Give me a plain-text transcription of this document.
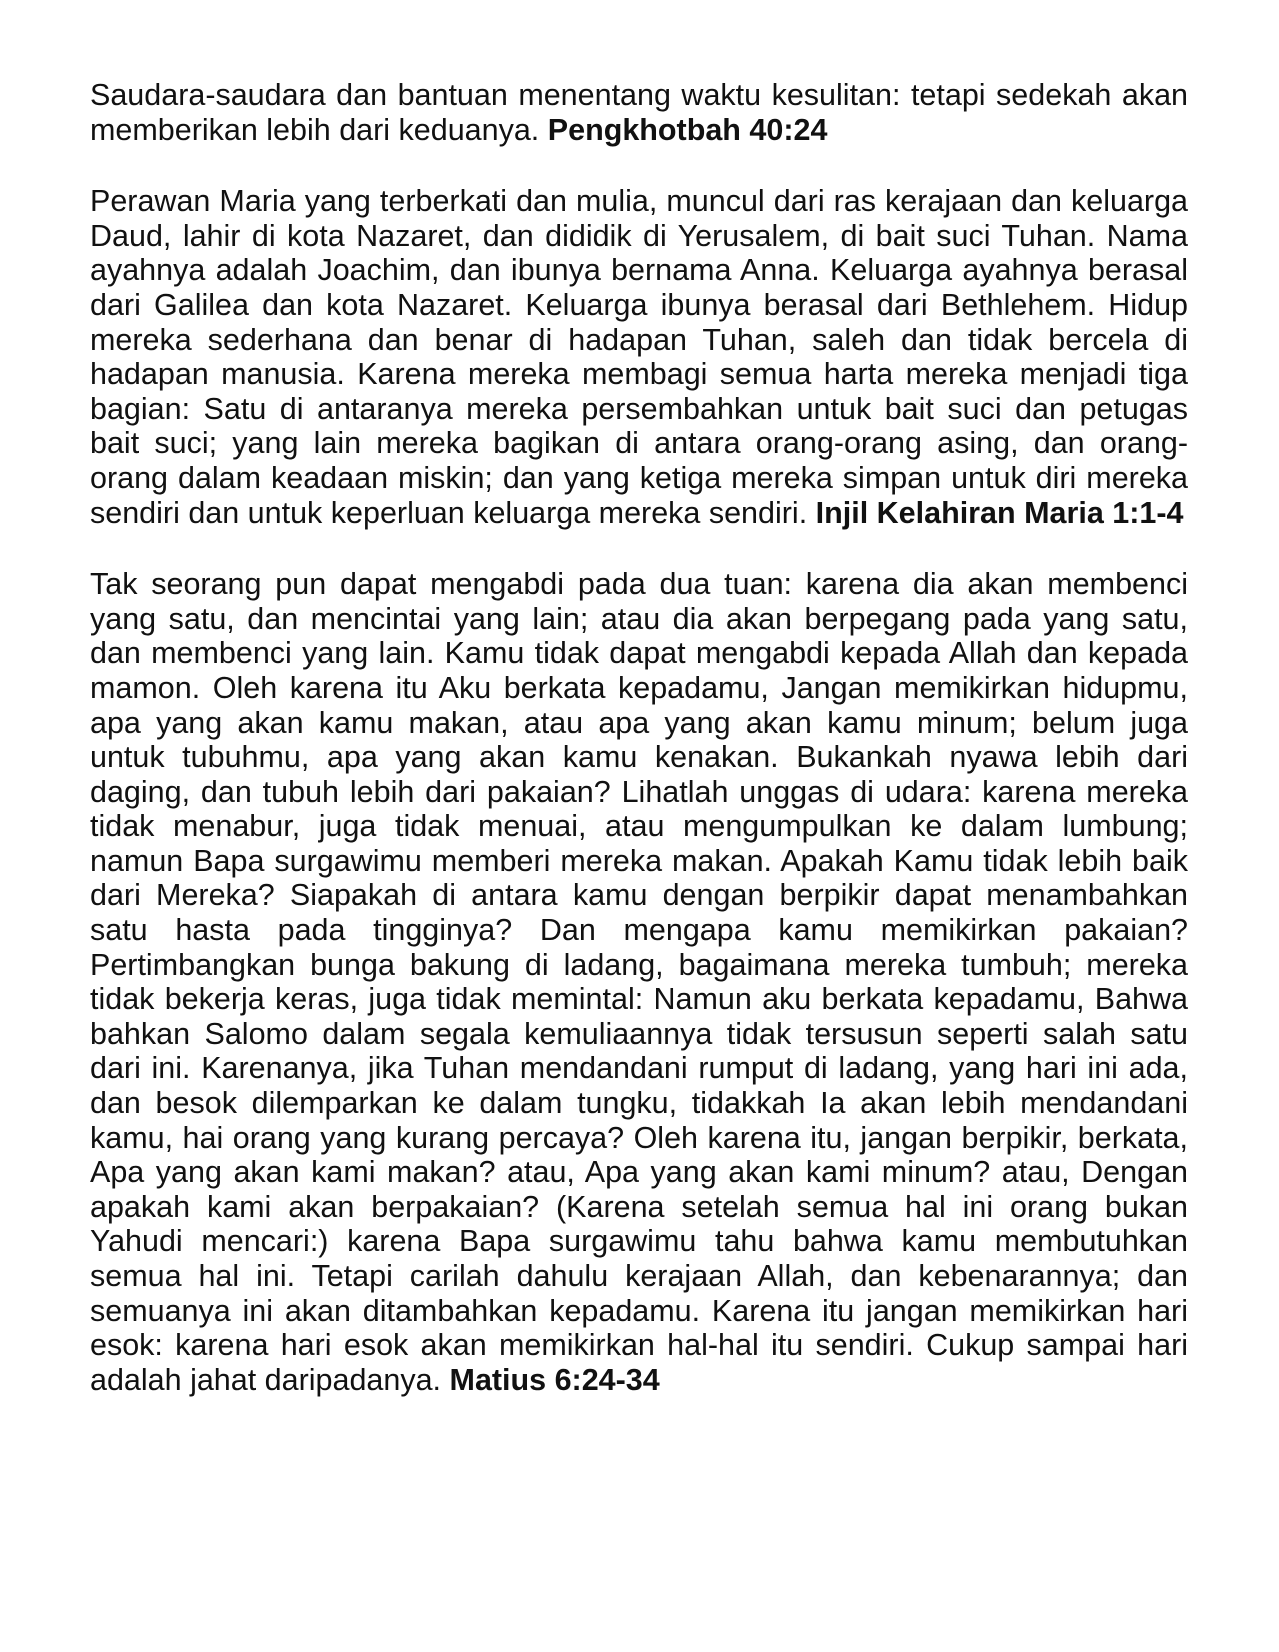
Saudara-saudara dan bantuan menentang waktu kesulitan: tetapi sedekah akan memberikan lebih dari keduanya. Pengkhotbah 40:24

Perawan Maria yang terberkati dan mulia, muncul dari ras kerajaan dan keluarga Daud, lahir di kota Nazaret, dan dididik di Yerusalem, di bait suci Tuhan. Nama ayahnya adalah Joachim, dan ibunya bernama Anna. Keluarga ayahnya berasal dari Galilea dan kota Nazaret. Keluarga ibunya berasal dari Bethlehem. Hidup mereka sederhana dan benar di hadapan Tuhan, saleh dan tidak bercela di hadapan manusia. Karena mereka membagi semua harta mereka menjadi tiga bagian: Satu di antaranya mereka persembahkan untuk bait suci dan petugas bait suci; yang lain mereka bagikan di antara orang-orang asing, dan orang-orang dalam keadaan miskin; dan yang ketiga mereka simpan untuk diri mereka sendiri dan untuk keperluan keluarga mereka sendiri. Injil Kelahiran Maria 1:1-4

Tak seorang pun dapat mengabdi pada dua tuan: karena dia akan membenci yang satu, dan mencintai yang lain; atau dia akan berpegang pada yang satu, dan membenci yang lain. Kamu tidak dapat mengabdi kepada Allah dan kepada mamon. Oleh karena itu Aku berkata kepadamu, Jangan memikirkan hidupmu, apa yang akan kamu makan, atau apa yang akan kamu minum; belum juga untuk tubuhmu, apa yang akan kamu kenakan. Bukankah nyawa lebih dari daging, dan tubuh lebih dari pakaian? Lihatlah unggas di udara: karena mereka tidak menabur, juga tidak menuai, atau mengumpulkan ke dalam lumbung; namun Bapa surgawimu memberi mereka makan. Apakah Kamu tidak lebih baik dari Mereka? Siapakah di antara kamu dengan berpikir dapat menambahkan satu hasta pada tingginya? Dan mengapa kamu memikirkan pakaian? Pertimbangkan bunga bakung di ladang, bagaimana mereka tumbuh; mereka tidak bekerja keras, juga tidak memintal: Namun aku berkata kepadamu, Bahwa bahkan Salomo dalam segala kemuliaannya tidak tersusun seperti salah satu dari ini. Karenanya, jika Tuhan mendandani rumput di ladang, yang hari ini ada, dan besok dilemparkan ke dalam tungku, tidakkah Ia akan lebih mendandani kamu, hai orang yang kurang percaya? Oleh karena itu, jangan berpikir, berkata, Apa yang akan kami makan? atau, Apa yang akan kami minum? atau, Dengan apakah kami akan berpakaian? (Karena setelah semua hal ini orang bukan Yahudi mencari:) karena Bapa surgawimu tahu bahwa kamu membutuhkan semua hal ini. Tetapi carilah dahulu kerajaan Allah, dan kebenarannya; dan semuanya ini akan ditambahkan kepadamu. Karena itu jangan memikirkan hari esok: karena hari esok akan memikirkan hal-hal itu sendiri. Cukup sampai hari adalah jahat daripadanya. Matius 6:24-34
